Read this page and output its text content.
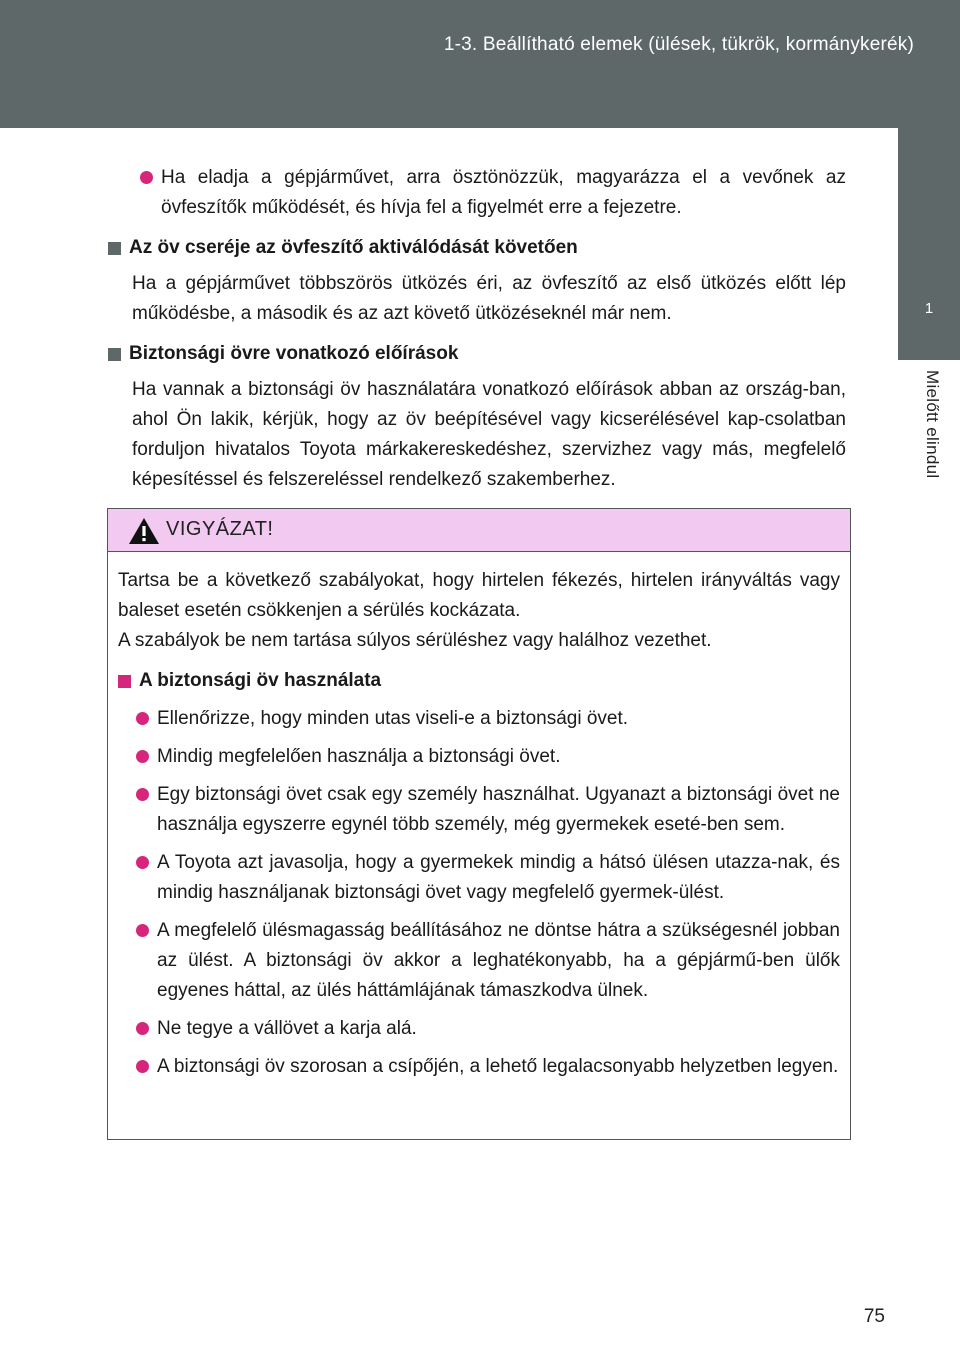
1-3. Beállítható elemek (ülések, tükrök, kormánykerék)
1
Mielőtt elindul
Ha eladja a gépjárművet, arra ösztönözzük, magyarázza el a vevőnek az övfeszítők működését, és hívja fel a figyelmét erre a fejezetre.
Az öv cseréje az övfeszítő aktiválódását követően
Ha a gépjárművet többszörös ütközés éri, az övfeszítő az első ütközés előtt lép működésbe, a második és az azt követő ütközéseknél már nem.
Biztonsági övre vonatkozó előírások
Ha vannak a biztonsági öv használatára vonatkozó előírások abban az ország-ban, ahol Ön lakik, kérjük, hogy az öv beépítésével vagy kicserélésével kap-csolatban forduljon hivatalos Toyota márkakereskedéshez, szervizhez vagy más, megfelelő képesítéssel és felszereléssel rendelkező szakemberhez.
VIGYÁZAT!
Tartsa be a következő szabályokat, hogy hirtelen fékezés, hirtelen irányváltás vagy baleset esetén csökkenjen a sérülés kockázata.
A szabályok be nem tartása súlyos sérüléshez vagy halálhoz vezethet.
A biztonsági öv használata
Ellenőrizze, hogy minden utas viseli-e a biztonsági övet.
Mindig megfelelően használja a biztonsági övet.
Egy biztonsági övet csak egy személy használhat. Ugyanazt a biztonsági övet ne használja egyszerre egynél több személy, még gyermekek eseté-ben sem.
A Toyota azt javasolja, hogy a gyermekek mindig a hátsó ülésen utazza-nak, és mindig használjanak biztonsági övet vagy megfelelő gyermek-ülést.
A megfelelő ülésmagasság beállításához ne döntse hátra a szükségesnél jobban az ülést. A biztonsági öv akkor a leghatékonyabb, ha a gépjármű-ben ülők egyenes háttal, az ülés háttámlájának támaszkodva ülnek.
Ne tegye a vállövet a karja alá.
A biztonsági öv szorosan a csípőjén, a lehető legalacsonyabb helyzetben legyen.
75
